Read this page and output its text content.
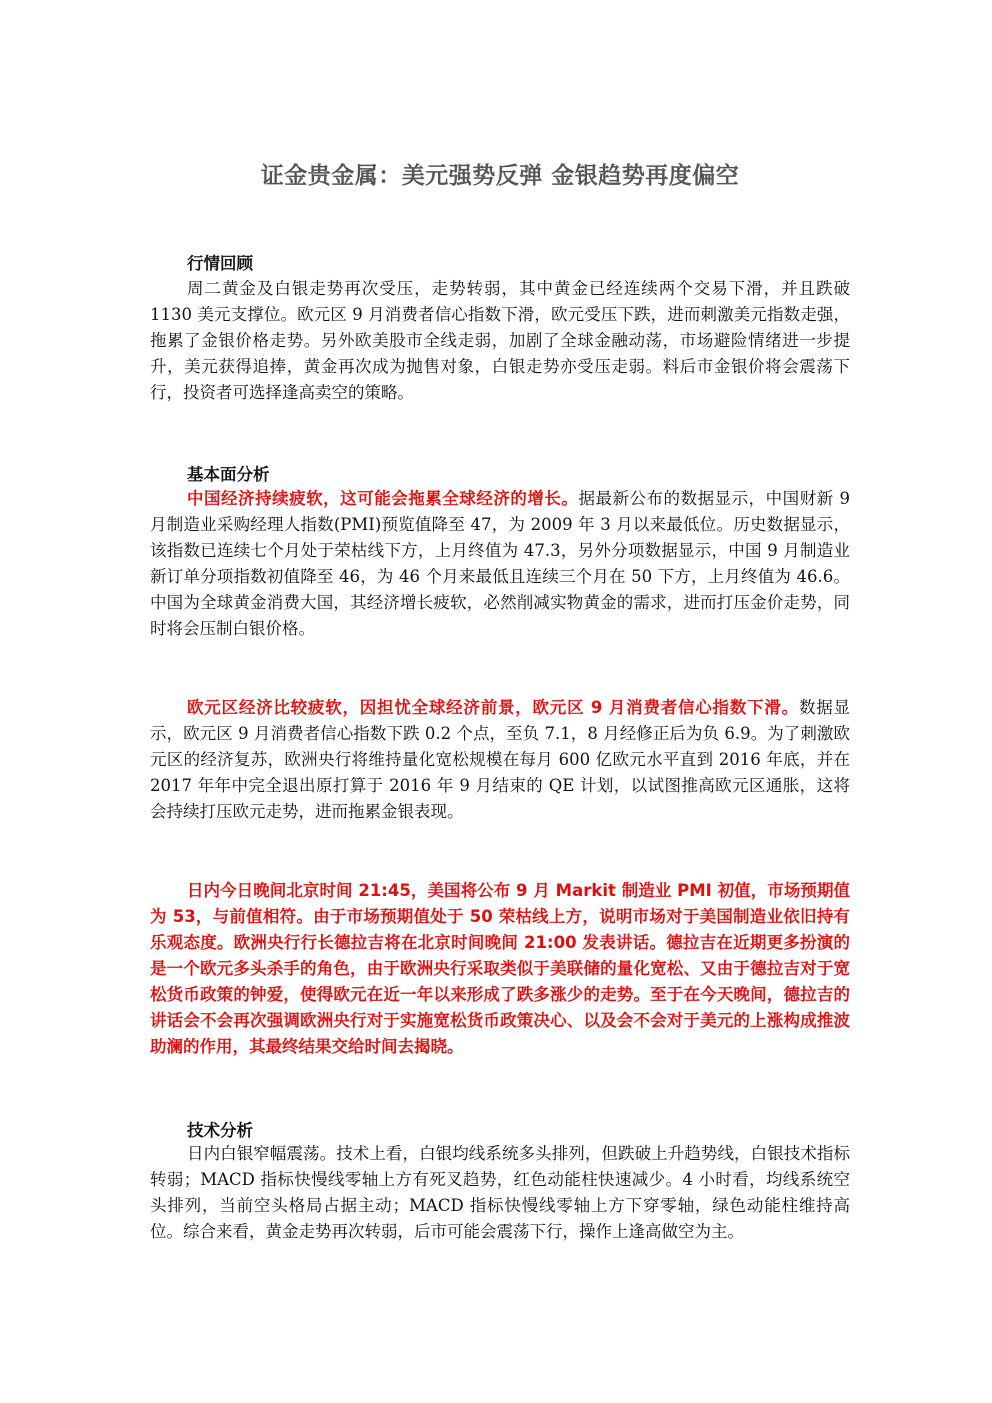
证金贵金属：美元强势反弹 金银趋势再度偏空
行情回顾
周二黄金及白银走势再次受压，走势转弱，其中黄金已经连续两个交易下滑，并且跌破 1130 美元支撑位。欧元区 9 月消费者信心指数下滑，欧元受压下跌，进而刺激美元指数走强，拖累了金银价格走势。另外欧美股市全线走弱，加剧了全球金融动荡，市场避险情绪进一步提升，美元获得追捧，黄金再次成为抛售对象，白银走势亦受压走弱。料后市金银价将会震荡下行，投资者可选择逢高卖空的策略。
基本面分析
中国经济持续疲软，这可能会拖累全球经济的增长。据最新公布的数据显示，中国财新 9 月制造业采购经理人指数(PMI)预览值降至 47，为 2009 年 3 月以来最低位。历史数据显示，该指数已连续七个月处于荣枯线下方，上月终值为 47.3，另外分项数据显示，中国 9 月制造业新订单分项指数初值降至 46，为 46 个月来最低且连续三个月在 50 下方，上月终值为 46.6。中国为全球黄金消费大国，其经济增长疲软，必然削减实物黄金的需求，进而打压金价走势，同时将会压制白银价格。
欧元区经济比较疲软，因担忧全球经济前景，欧元区 9 月消费者信心指数下滑。数据显示，欧元区 9 月消费者信心指数下跌 0.2 个点，至负 7.1，8 月经修正后为负 6.9。为了刺激欧元区的经济复苏，欧洲央行将维持量化宽松规模在每月 600 亿欧元水平直到 2016 年底，并在 2017 年年中完全退出原打算于 2016 年 9 月结束的 QE 计划，以试图推高欧元区通胀，这将会持续打压欧元走势，进而拖累金银表现。
日内今日晚间北京时间 21:45，美国将公布 9 月 Markit 制造业 PMI 初值，市场预期值为 53，与前值相符。由于市场预期值处于 50 荣枯线上方，说明市场对于美国制造业依旧持有乐观态度。欧洲央行行长德拉吉将在北京时间晚间 21:00 发表讲话。德拉吉在近期更多扮演的是一个欧元多头杀手的角色，由于欧洲央行采取类似于美联储的量化宽松、又由于德拉吉对于宽松货币政策的钟爱，使得欧元在近一年以来形成了跌多涨少的走势。至于在今天晚间，德拉吉的讲话会不会再次强调欧洲央行对于实施宽松货币政策决心、以及会不会对于美元的上涨构成推波助澜的作用，其最终结果交给时间去揭晓。
技术分析
日内白银窄幅震荡。技术上看，白银均线系统多头排列，但跌破上升趋势线，白银技术指标转弱；MACD 指标快慢线零轴上方有死叉趋势，红色动能柱快速减少。4 小时看，均线系统空头排列，当前空头格局占据主动；MACD 指标快慢线零轴上方下穿零轴，绿色动能柱维持高位。综合来看，黄金走势再次转弱，后市可能会震荡下行，操作上逢高做空为主。
